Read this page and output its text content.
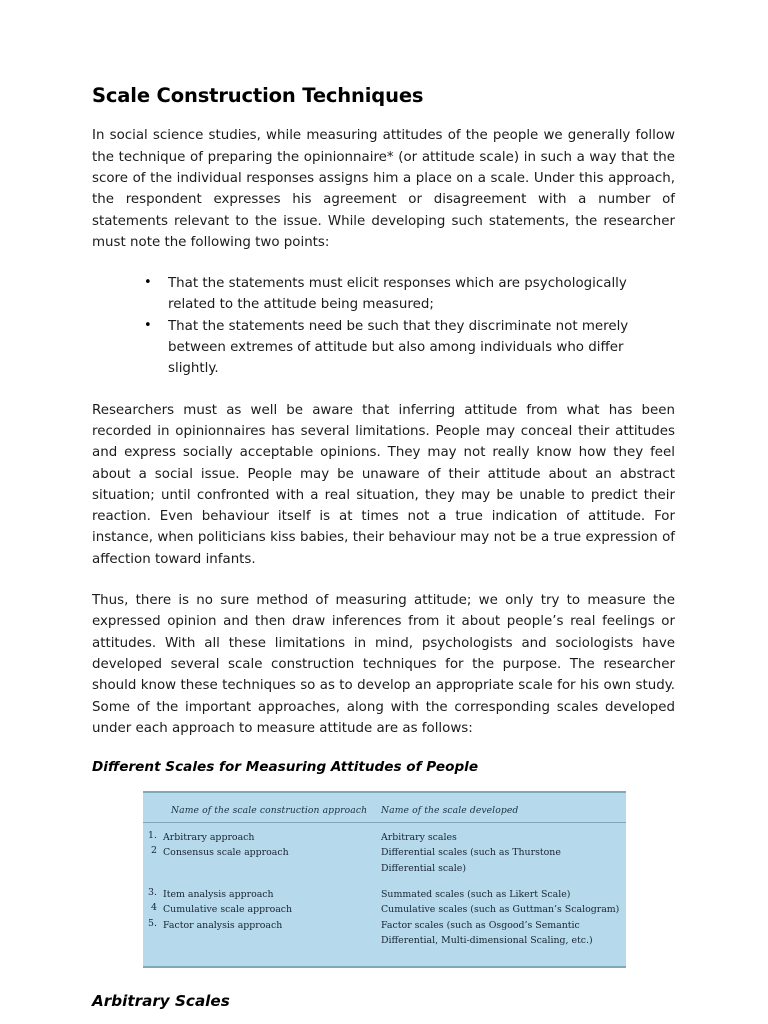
Scale Construction Techniques

In social science studies, while measuring attitudes of the people we generally follow the technique of preparing the opinionnaire* (or attitude scale) in such a way that the score of the individual responses assigns him a place on a scale. Under this approach, the respondent expresses his agreement or disagreement with a number of statements relevant to the issue. While developing such statements, the researcher must note the following two points:

• That the statements must elicit responses which are psychologically related to the attitude being measured;
• That the statements need be such that they discriminate not merely between extremes of attitude but also among individuals who differ slightly.

Researchers must as well be aware that inferring attitude from what has been recorded in opinionnaires has several limitations. People may conceal their attitudes and express socially acceptable opinions. They may not really know how they feel about a social issue. People may be unaware of their attitude about an abstract situation; until confronted with a real situation, they may be unable to predict their reaction. Even behaviour itself is at times not a true indication of attitude. For instance, when politicians kiss babies, their behaviour may not be a true expression of affection toward infants.

Thus, there is no sure method of measuring attitude; we only try to measure the expressed opinion and then draw inferences from it about people’s real feelings or attitudes. With all these limitations in mind, psychologists and sociologists have developed several scale construction techniques for the purpose. The researcher should know these techniques so as to develop an appropriate scale for his own study. Some of the important approaches, along with the corresponding scales developed under each approach to measure attitude are as follows:

Different Scales for Measuring Attitudes of People
Name of the scale construction approach	Name of the scale developed
1. Arbitrary approach	Arbitrary scales
2 Consensus scale approach	Differential scales (such as Thurstone
Differential scale)
3. Item analysis approach	Summated scales (such as Likert Scale)
4 Cumulative scale approach	Cumulative scales (such as Guttman’s Scalogram)
5. Factor analysis approach	Factor scales (such as Osgood’s Semantic
Differential, Multi-dimensional Scaling, etc.)
Arbitrary Scales
